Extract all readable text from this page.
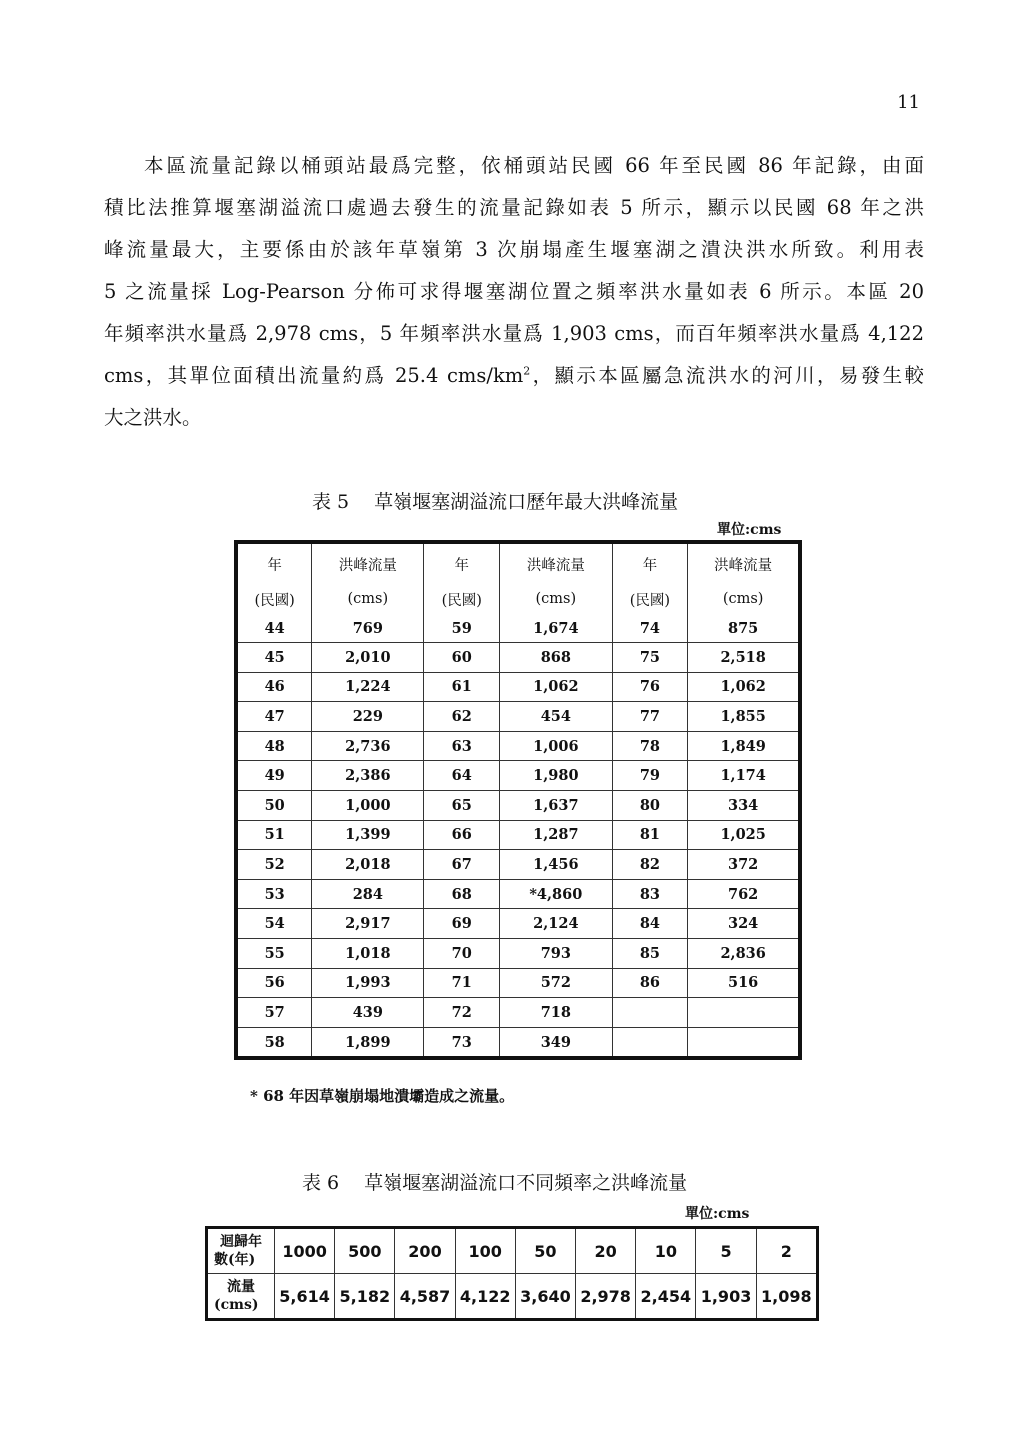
11

本區流量記錄以桶頭站最爲完整，依桶頭站民國 66 年至民國 86 年記錄，由面
積比法推算堰塞湖溢流口處過去發生的流量記錄如表 5 所示，顯示以民國 68 年之洪
峰流量最大，主要係由於該年草嶺第 3 次崩塌產生堰塞湖之潰決洪水所致。利用表
5 之流量採 Log-Pearson 分佈可求得堰塞湖位置之頻率洪水量如表 6 所示。本區 20
年頻率洪水量爲 2,978 cms，5 年頻率洪水量爲 1,903 cms，而百年頻率洪水量爲 4,122
cms，其單位面積出流量約爲 25.4 cms/$km^2$，顯示本區屬急流洪水的河川，易發生較
大之洪水。

表 5　 草嶺堰塞湖溢流口歷年最大洪峰流量
單位:cms
年	洪峰流量	年	洪峰流量	年	洪峰流量
(民國)	(cms)	(民國)	(cms)	(民國)	(cms)
44	769	59	1,674	74	875
45	2,010	60	868	75	2,518
46	1,224	61	1,062	76	1,062
47	229	62	454	77	1,855
48	2,736	63	1,006	78	1,849
49	2,386	64	1,980	79	1,174
50	1,000	65	1,637	80	334
51	1,399	66	1,287	81	1,025
52	2,018	67	1,456	82	372
53	284	68	*4,860	83	762
54	2,917	69	2,124	84	324
55	1,018	70	793	85	2,836
56	1,993	71	572	86	516
57	439	72	718		
58	1,899	73	349		
* 68 年因草嶺崩塌地潰壩造成之流量。
表 6　 草嶺堰塞湖溢流口不同頻率之洪峰流量
單位:cms
迴歸年
數(年)	1000	500	200	100	50	20	10	5	2
流量
(cms)	5,614	5,182	4,587	4,122	3,640	2,978	2,454	1,903	1,098
